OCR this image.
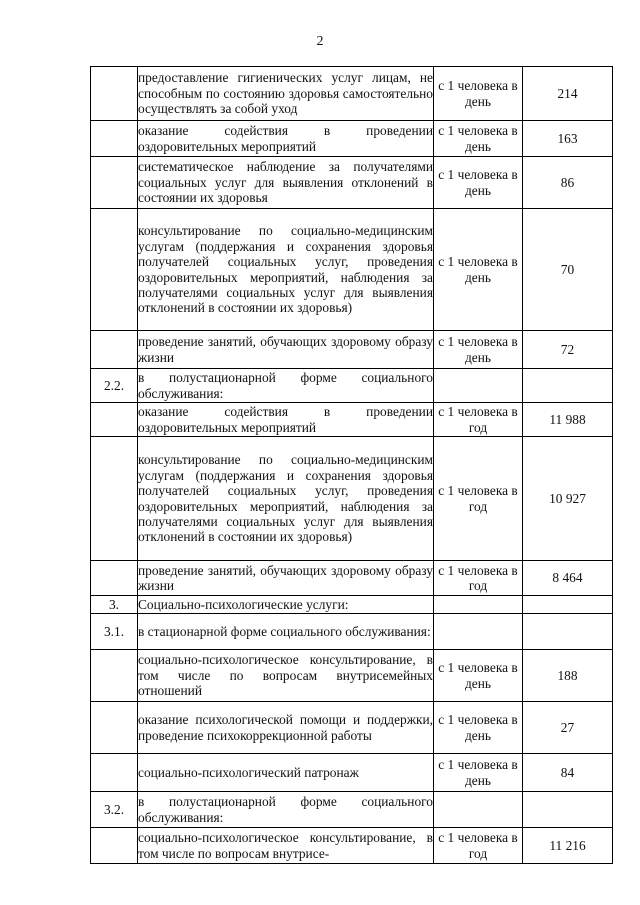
2
	предоставление гигиенических услуг лицам, не способным по состоянию здоровья самостоятельно осуществлять за собой уход	с 1 человека в день	214
	оказание содействия в проведении оздоровительных мероприятий	с 1 человека в день	163
	систематическое наблюдение за получателями социальных услуг для выявления отклонений в состоянии их здоровья	с 1 человека в день	86
	консультирование по социально-медицинским услугам (поддержания и сохранения здоровья получателей социальных услуг, проведения оздоровительных мероприятий, наблюдения за получателями социальных услуг для выявления отклонений в состоянии их здоровья)	с 1 человека в день	70
	проведение занятий, обучающих здоровому образу жизни	с 1 человека в день	72
2.2.	в полустационарной форме социального обслуживания:		
	оказание содействия в проведении оздоровительных мероприятий	с 1 человека в год	11 988
	консультирование по социально-медицинским услугам (поддержания и сохранения здоровья получателей социальных услуг, проведения оздоровительных мероприятий, наблюдения за получателями социальных услуг для выявления отклонений в состоянии их здоровья)	с 1 человека в год	10 927
	проведение занятий, обучающих здоровому образу жизни	с 1 человека в год	8 464
3.	Социально-психологические услуги:		
3.1.	в стационарной форме социального обслуживания:		
	социально-психологическое консультирование, в том числе по вопросам внутрисемейных отношений	с 1 человека в день	188
	оказание психологической помощи и поддержки, проведение психокоррекционной работы	с 1 человека в день	27
	социально-психологический патронаж	с 1 человека в день	84
3.2.	в полустационарной форме социального обслуживания:		
	социально-психологическое консультирование, в том числе по вопросам внутрисе-	с 1 человека в год	11 216
